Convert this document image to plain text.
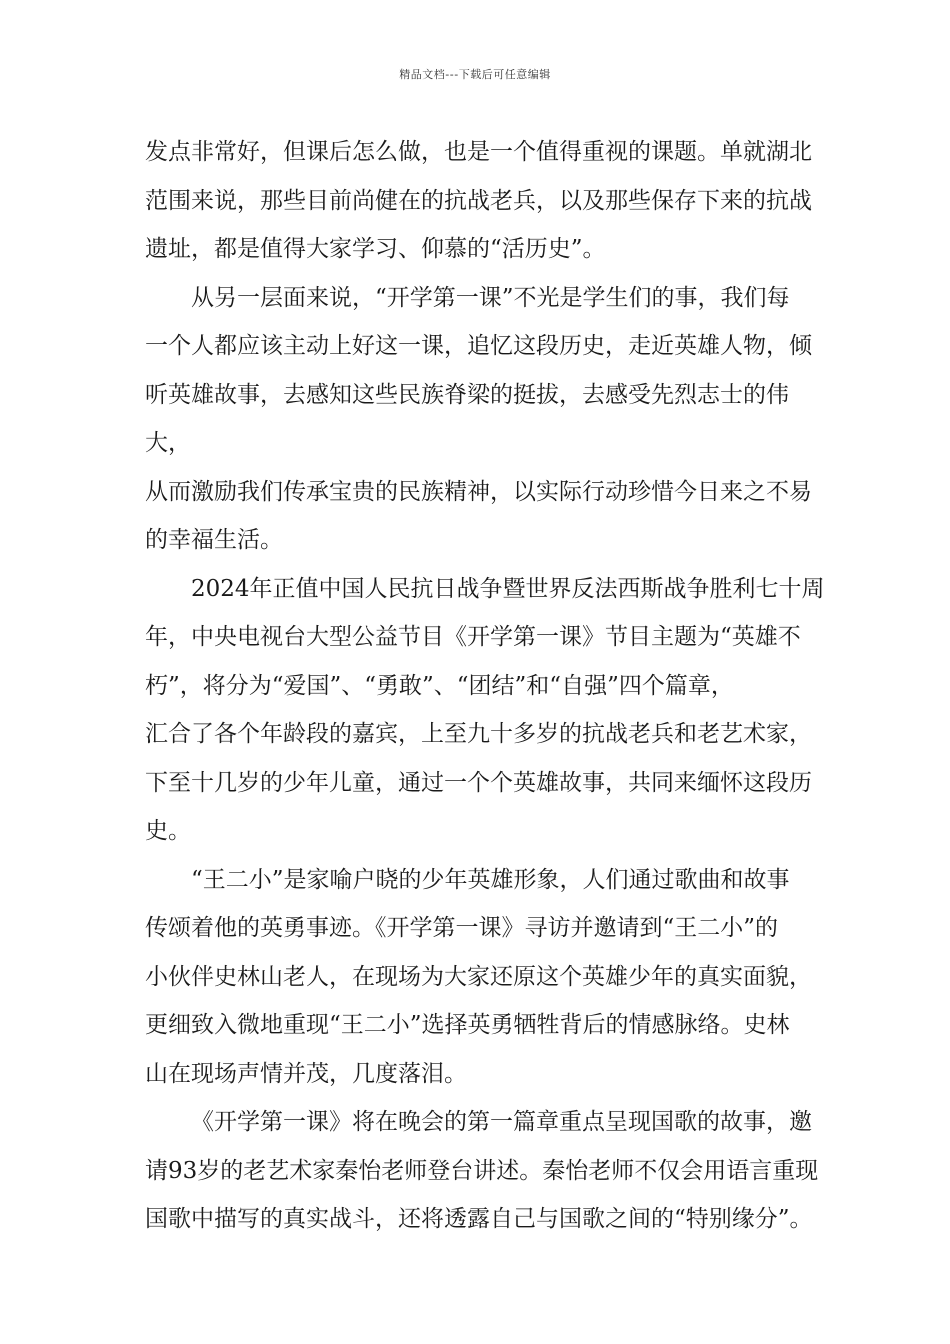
精品文档---下载后可任意编辑

发点非常好，但课后怎么做，也是一个值得重视的课题。单就湖北
范围来说，那些目前尚健在的抗战老兵，以及那些保存下来的抗战
遗址，都是值得大家学习、仰慕的“活历史”。

从另一层面来说，“开学第一课”不光是学生们的事，我们每
一个人都应该主动上好这一课，追忆这段历史，走近英雄人物，倾
听英雄故事，去感知这些民族脊梁的挺拔，去感受先烈志士的伟大，
从而激励我们传承宝贵的民族精神，以实际行动珍惜今日来之不易
的幸福生活。

2024年正值中国人民抗日战争暨世界反法西斯战争胜利七十周
年，中央电视台大型公益节目《开学第一课》节目主题为“英雄不
朽”，将分为“爱国”、“勇敢”、“团结”和“自强”四个篇章，
汇合了各个年龄段的嘉宾，上至九十多岁的抗战老兵和老艺术家，
下至十几岁的少年儿童，通过一个个英雄故事，共同来缅怀这段历
史。

“王二小”是家喻户晓的少年英雄形象，人们通过歌曲和故事
传颂着他的英勇事迹。《开学第一课》寻访并邀请到“王二小”的
小伙伴史林山老人，在现场为大家还原这个英雄少年的真实面貌，
更细致入微地重现“王二小”选择英勇牺牲背后的情感脉络。史林
山在现场声情并茂，几度落泪。

《开学第一课》将在晚会的第一篇章重点呈现国歌的故事，邀
请93岁的老艺术家秦怡老师登台讲述。秦怡老师不仅会用语言重现
国歌中描写的真实战斗，还将透露自己与国歌之间的“特别缘分”。
